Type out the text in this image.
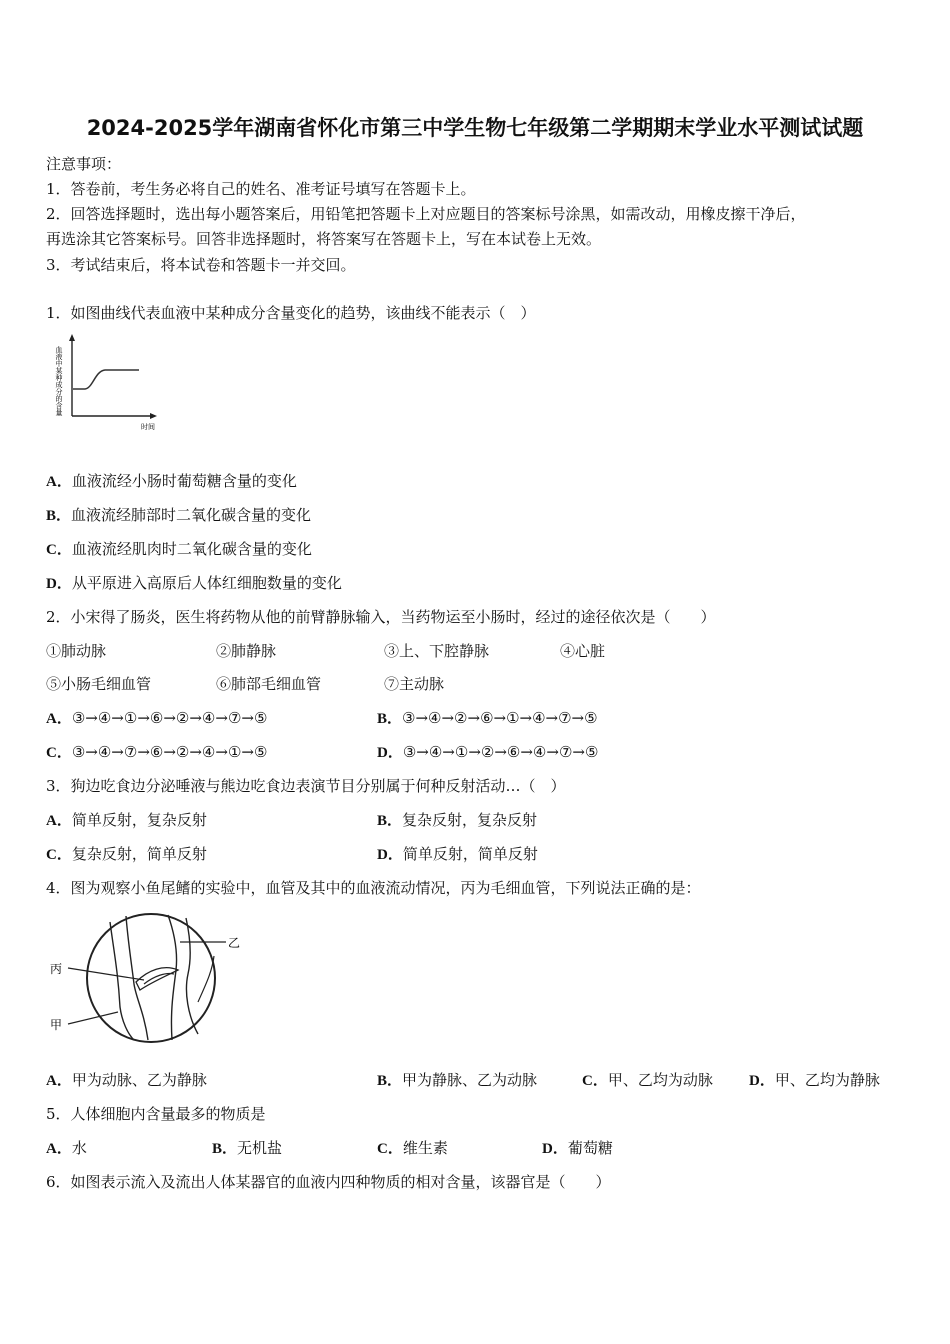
2024-2025学年湖南省怀化市第三中学生物七年级第二学期期末学业水平测试试题
注意事项：
1．答卷前，考生务必将自己的姓名、准考证号填写在答题卡上。
2．回答选择题时，选出每小题答案后，用铅笔把答题卡上对应题目的答案标号涂黑，如需改动，用橡皮擦干净后，
再选涂其它答案标号。回答非选择题时，将答案写在答题卡上，写在本试卷上无效。
3．考试结束后，将本试卷和答题卡一并交回。
1．如图曲线代表血液中某种成分含量变化的趋势，该曲线不能表示（　）
血液中某种成分的含量
时间
A．血液流经小肠时葡萄糖含量的变化
B．血液流经肺部时二氧化碳含量的变化
C．血液流经肌肉时二氧化碳含量的变化
D．从平原进入高原后人体红细胞数量的变化
2．小宋得了肠炎，医生将药物从他的前臂静脉输入，当药物运至小肠时，经过的途径依次是（　　）
①肺动脉	②肺静脉	③上、下腔静脉	④心脏
⑤小肠毛细血管	⑥肺部毛细血管	⑦主动脉
A．③→④→①→⑥→②→④→⑦→⑤	B．③→④→②→⑥→①→④→⑦→⑤
C．③→④→⑦→⑥→②→④→①→⑤	D．③→④→①→②→⑥→④→⑦→⑤
3．狗边吃食边分泌唾液与熊边吃食边表演节目分别属于何种反射活动…（　）
A．简单反射，复杂反射	B．复杂反射，复杂反射
C．复杂反射，简单反射	D．简单反射，简单反射
4．图为观察小鱼尾鳍的实验中，血管及其中的血液流动情况，丙为毛细血管，下列说法正确的是：
乙
丙
甲
A．甲为动脉、乙为静脉	B．甲为静脉、乙为动脉	C．甲、乙均为动脉 D．甲、乙均为静脉
5．人体细胞内含量最多的物质是
A．水	B．无机盐	C．维生素	D．葡萄糖
6．如图表示流入及流出人体某器官的血液内四种物质的相对含量，该器官是（　　）
